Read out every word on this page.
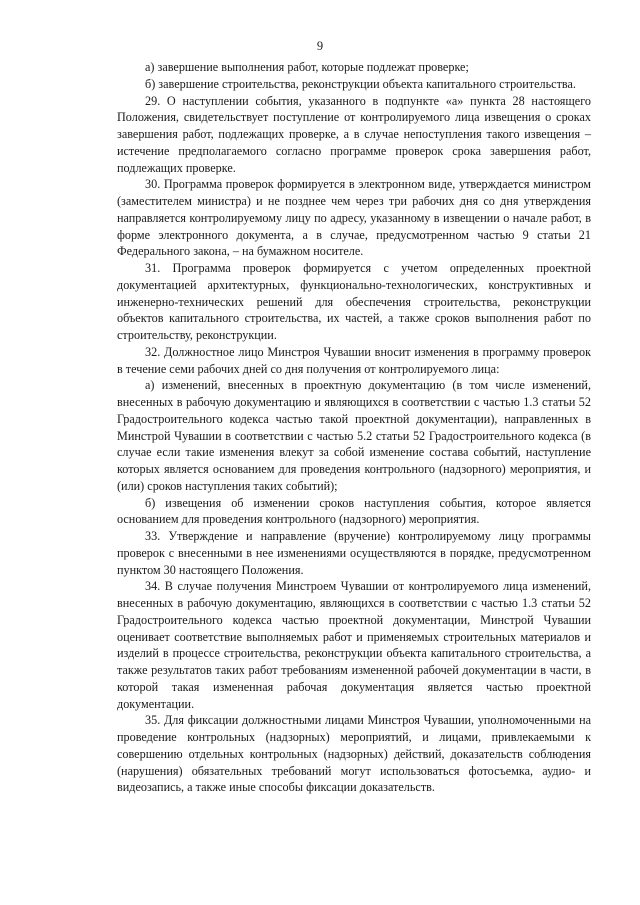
9

а) завершение выполнения работ, которые подлежат проверке;

б) завершение строительства, реконструкции объекта капитального строительства.

29. О наступлении события, указанного в подпункте «а» пункта 28 настоящего Положения, свидетельствует поступление от контролируемого лица извещения о сроках завершения работ, подлежащих проверке, а в случае непоступления такого извещения – истечение предполагаемого согласно программе проверок срока завершения работ, подлежащих проверке.

30. Программа проверок формируется в электронном виде, утверждается министром (заместителем министра) и не позднее чем через три рабочих дня со дня утверждения направляется контролируемому лицу по адресу, указанному в извещении о начале работ, в форме электронного документа, а в случае, предусмотренном частью 9 статьи 21 Федерального закона, – на бумажном носителе.

31. Программа проверок формируется с учетом определенных проектной документацией архитектурных, функционально-технологических, конструктивных и инженерно-технических решений для обеспечения строительства, реконструкции объектов капитального строительства, их частей, а также сроков выполнения работ по строительству, реконструкции.

32. Должностное лицо Минстроя Чувашии вносит изменения в программу проверок в течение семи рабочих дней со дня получения от контролируемого лица:

а) изменений, внесенных в проектную документацию (в том числе изменений, внесенных в рабочую документацию и являющихся в соответствии с частью 1.3 статьи 52 Градостроительного кодекса частью такой проектной документации), направленных в Минстрой Чувашии в соответствии с частью 5.2 статьи 52 Градостроительного кодекса (в случае если такие изменения влекут за собой изменение состава событий, наступление которых является основанием для проведения контрольного (надзорного) мероприятия, и (или) сроков наступления таких событий);

б) извещения об изменении сроков наступления события, которое является основанием для проведения контрольного (надзорного) мероприятия.

33. Утверждение и направление (вручение) контролируемому лицу программы проверок с внесенными в нее изменениями осуществляются в порядке, предусмотренном пунктом 30 настоящего Положения.

34. В случае получения Минстроем Чувашии от контролируемого лица изменений, внесенных в рабочую документацию, являющихся в соответствии с частью 1.3 статьи 52 Градостроительного кодекса частью проектной документации, Минстрой Чувашии оценивает соответствие выполняемых работ и применяемых строительных материалов и изделий в процессе строительства, реконструкции объекта капитального строительства, а также результатов таких работ требованиям измененной рабочей документации в части, в которой такая измененная рабочая документация является частью проектной документации.

35. Для фиксации должностными лицами Минстроя Чувашии, уполномоченными на проведение контрольных (надзорных) мероприятий, и лицами, привлекаемыми к совершению отдельных контрольных (надзорных) действий, доказательств соблюдения (нарушения) обязательных требований могут использоваться фотосъемка, аудио- и видеозапись, а также иные способы фиксации доказательств.
